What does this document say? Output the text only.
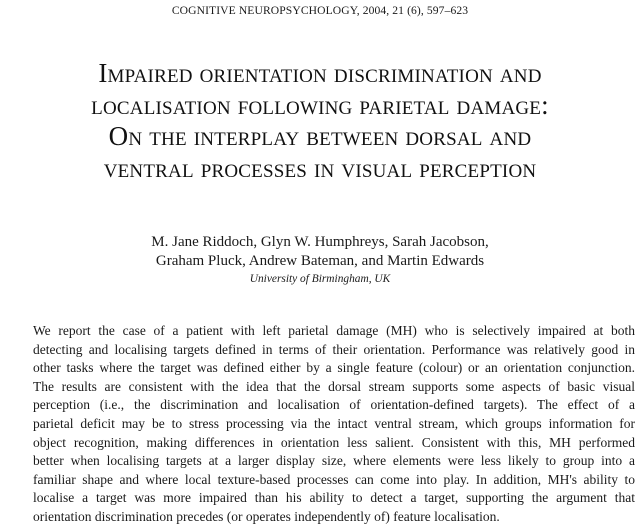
COGNITIVE NEUROPSYCHOLOGY, 2004, 21 (6), 597–623
Impaired orientation discrimination and
localisation following parietal damage:
On the interplay between dorsal and
ventral processes in visual perception
M. Jane Riddoch, Glyn W. Humphreys, Sarah Jacobson,
Graham Pluck, Andrew Bateman, and Martin Edwards
University of Birmingham, UK
We report the case of a patient with left parietal damage (MH) who is selectively impaired at both
detecting and localising targets defined in terms of their orientation. Performance was relatively good in
other tasks where the target was defined either by a single feature (colour) or an orientation conjunction.
The results are consistent with the idea that the dorsal stream supports some aspects of basic visual
perception (i.e., the discrimination and localisation of orientation-defined targets). The effect of a
parietal deficit may be to stress processing via the intact ventral stream, which groups information for
object recognition, making differences in orientation less salient. Consistent with this, MH performed
better when localising targets at a larger display size, where elements were less likely to group into a
familiar shape and where local texture-based processes can come into play. In addition, MH's ability to
localise a target was more impaired than his ability to detect a target, supporting the argument that
orientation discrimination precedes (or operates independently of) feature localisation.
